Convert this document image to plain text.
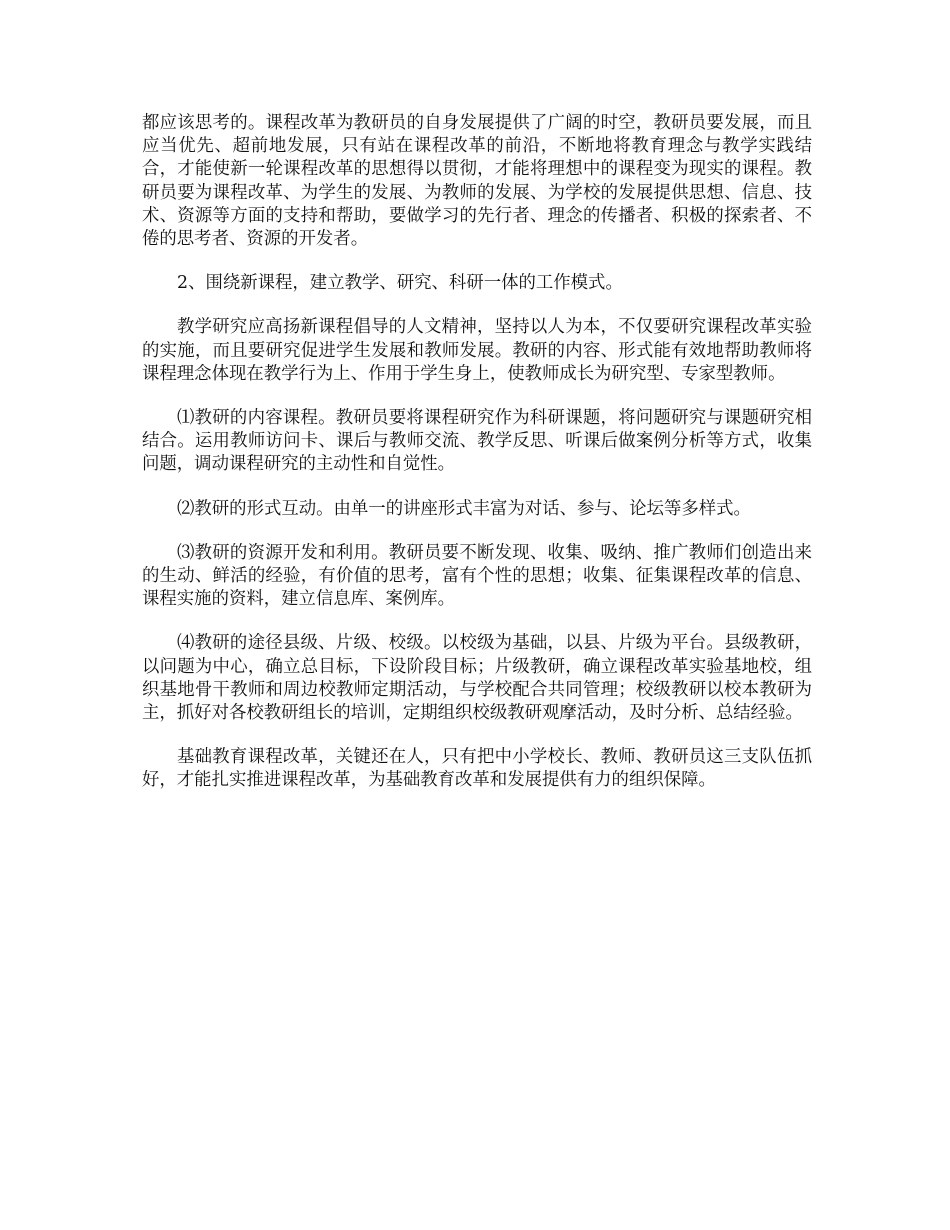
都应该思考的。课程改革为教研员的自身发展提供了广阔的时空，教研员要发展，而且应当优先、超前地发展，只有站在课程改革的前沿，不断地将教育理念与教学实践结合，才能使新一轮课程改革的思想得以贯彻，才能将理想中的课程变为现实的课程。教研员要为课程改革、为学生的发展、为教师的发展、为学校的发展提供思想、信息、技术、资源等方面的支持和帮助，要做学习的先行者、理念的传播者、积极的探索者、不倦的思考者、资源的开发者。

2、围绕新课程，建立教学、研究、科研一体的工作模式。

教学研究应高扬新课程倡导的人文精神，坚持以人为本，不仅要研究课程改革实验的实施，而且要研究促进学生发展和教师发展。教研的内容、形式能有效地帮助教师将课程理念体现在教学行为上、作用于学生身上，使教师成长为研究型、专家型教师。

⑴教研的内容课程。教研员要将课程研究作为科研课题，将问题研究与课题研究相结合。运用教师访问卡、课后与教师交流、教学反思、听课后做案例分析等方式，收集问题，调动课程研究的主动性和自觉性。

⑵教研的形式互动。由单一的讲座形式丰富为对话、参与、论坛等多样式。

⑶教研的资源开发和利用。教研员要不断发现、收集、吸纳、推广教师们创造出来的生动、鲜活的经验，有价值的思考，富有个性的思想；收集、征集课程改革的信息、课程实施的资料，建立信息库、案例库。

⑷教研的途径县级、片级、校级。以校级为基础，以县、片级为平台。县级教研，以问题为中心，确立总目标，下设阶段目标；片级教研，确立课程改革实验基地校，组织基地骨干教师和周边校教师定期活动，与学校配合共同管理；校级教研以校本教研为主，抓好对各校教研组长的培训，定期组织校级教研观摩活动，及时分析、总结经验。

基础教育课程改革，关键还在人，只有把中小学校长、教师、教研员这三支队伍抓好，才能扎实推进课程改革，为基础教育改革和发展提供有力的组织保障。
